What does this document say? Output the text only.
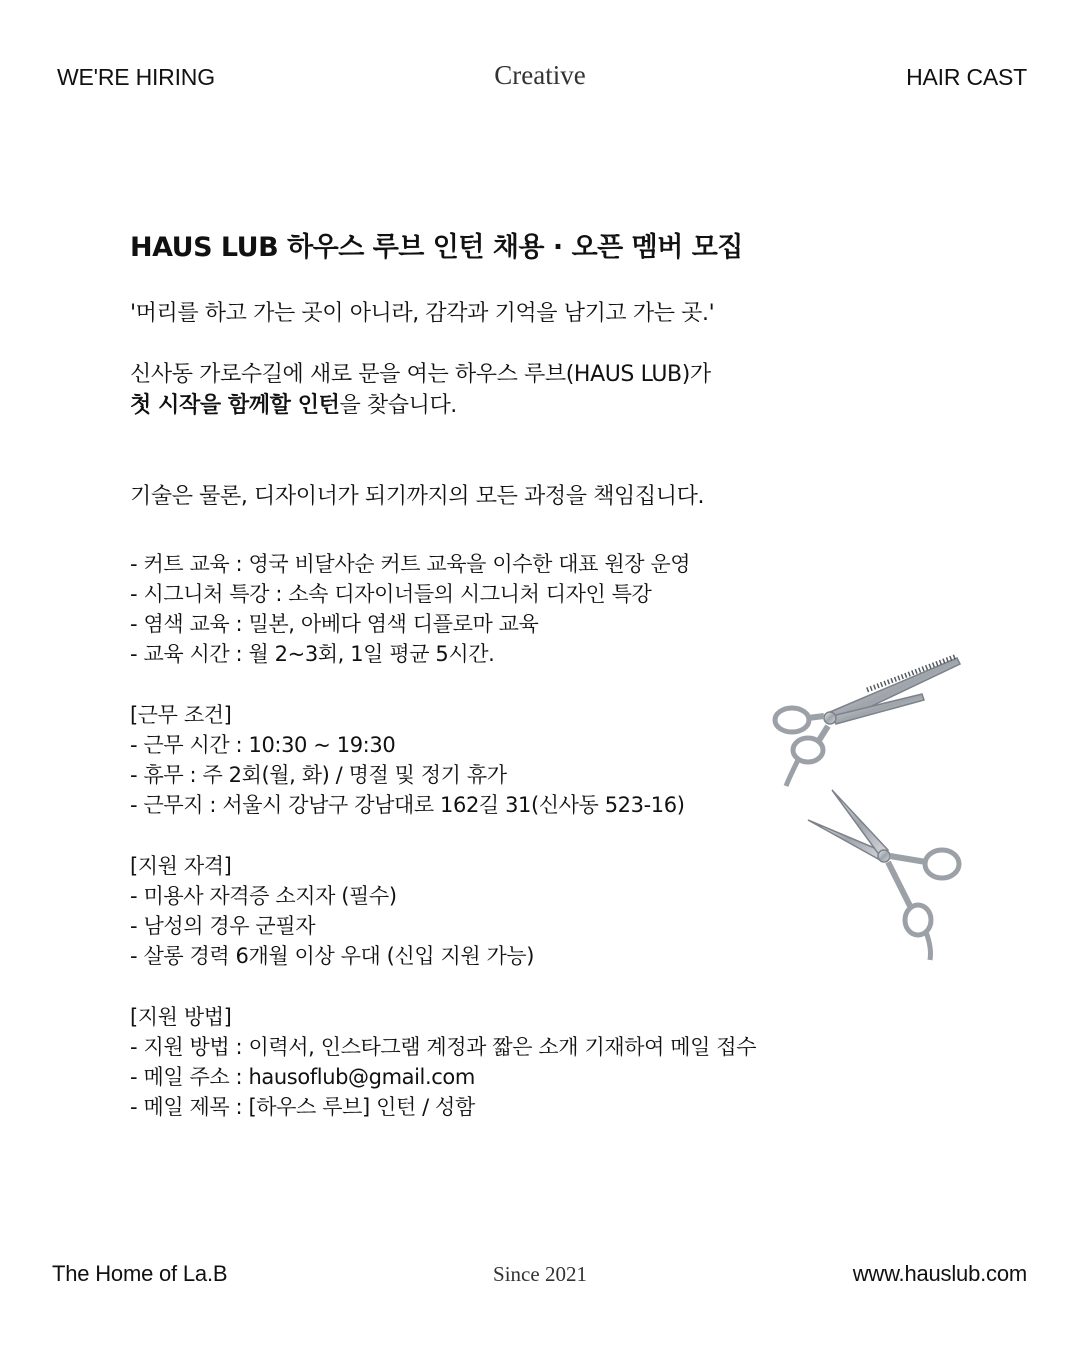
WE'RE HIRING	Creative	HAIR CAST
HAUS LUB 하우스 루브 인턴 채용 · 오픈 멤버 모집
'머리를 하고 가는 곳이 아니라, 감각과 기억을 남기고 가는 곳.'
신사동 가로수길에 새로 문을 여는 하우스 루브(HAUS LUB)가
첫 시작을 함께할 인턴을 찾습니다.
기술은 물론, 디자이너가 되기까지의 모든 과정을 책임집니다.
- 커트 교육 : 영국 비달사순 커트 교육을 이수한 대표 원장 운영
- 시그니처 특강 : 소속 디자이너들의 시그니처 디자인 특강
- 염색 교육 : 밀본, 아베다 염색 디플로마 교육
- 교육 시간 : 월 2~3회, 1일 평균 5시간.
[근무 조건]
- 근무 시간 : 10:30 ~ 19:30
- 휴무 : 주 2회(월, 화) / 명절 및 정기 휴가
- 근무지 : 서울시 강남구 강남대로 162길 31(신사동 523-16)
[지원 자격]
- 미용사 자격증 소지자 (필수)
- 남성의 경우 군필자
- 살롱 경력 6개월 이상 우대 (신입 지원 가능)
[지원 방법]
- 지원 방법 : 이력서, 인스타그램 계정과 짧은 소개 기재하여 메일 접수
- 메일 주소 : hausoflub@gmail.com
- 메일 제목 : [하우스 루브] 인턴 / 성함
The Home of La.B	Since 2021	www.hauslub.com
